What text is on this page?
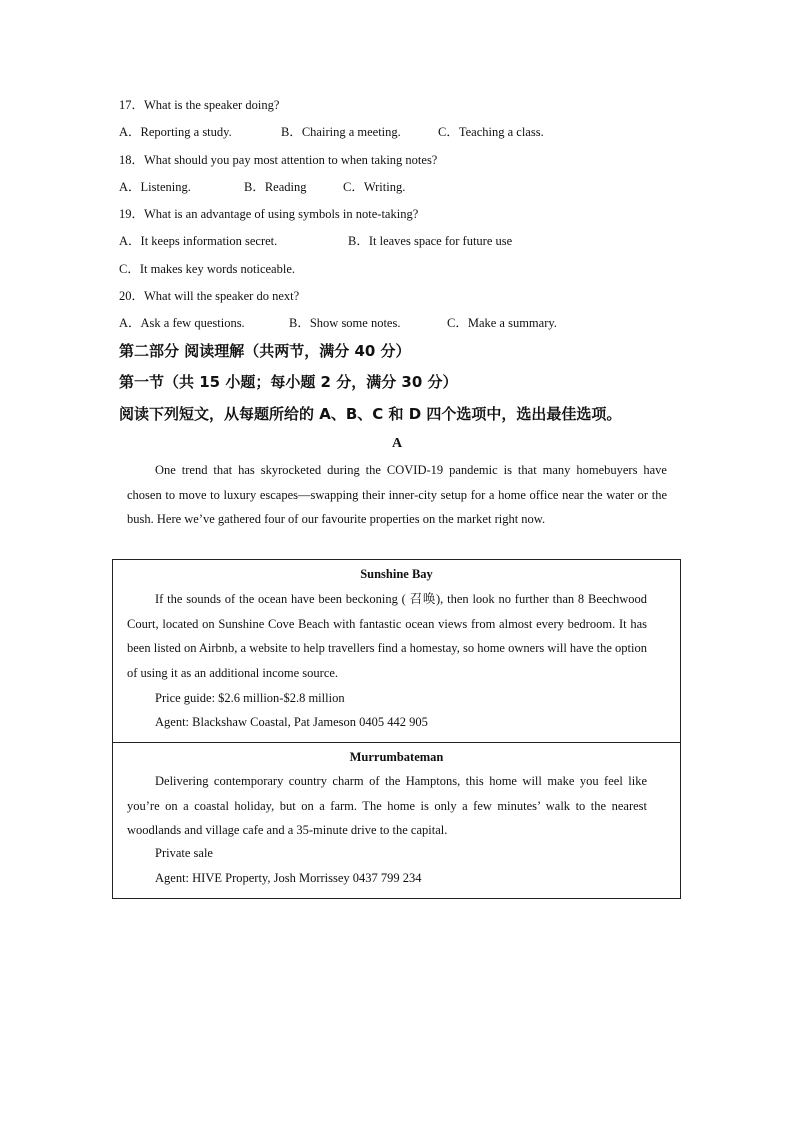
17．What is the speaker doing?
A．Reporting a study.	B．Chairing a meeting.	C．Teaching a class.
18．What should you pay most attention to when taking notes?
A．Listening.	B．Reading	C．Writing.
19．What is an advantage of using symbols in note-taking?
A．It keeps information secret.	B．It leaves space for future use
C．It makes key words noticeable.
20．What will the speaker do next?
A．Ask a few questions.	B．Show some notes.	C．Make a summary.
第二部分 阅读理解（共两节，满分 40 分）
第一节（共 15 小题；每小题 2 分，满分 30 分）
阅读下列短文，从每题所给的 A、B、C 和 D 四个选项中，选出最佳选项。
A
One trend that has skyrocketed during the COVID-19 pandemic is that many homebuyers have chosen to move to luxury escapes—swapping their inner-city setup for a home office near the water or the bush. Here we’ve gathered four of our favourite properties on the market right now.
Sunshine Bay
If the sounds of the ocean have been beckoning ( 召唤), then look no further than 8 Beechwood Court, located on Sunshine Cove Beach with fantastic ocean views from almost every bedroom. It has been listed on Airbnb, a website to help travellers find a homestay, so home owners will have the option of using it as an additional income source.
Price guide: $2.6 million-$2.8 million
Agent: Blackshaw Coastal, Pat Jameson 0405 442 905
Murrumbateman
Delivering contemporary country charm of the Hamptons, this home will make you feel like you’re on a coastal holiday, but on a farm. The home is only a few minutes’ walk to the nearest woodlands and village cafe and a 35-minute drive to the capital.
Private sale
Agent: HIVE Property, Josh Morrissey 0437 799 234
